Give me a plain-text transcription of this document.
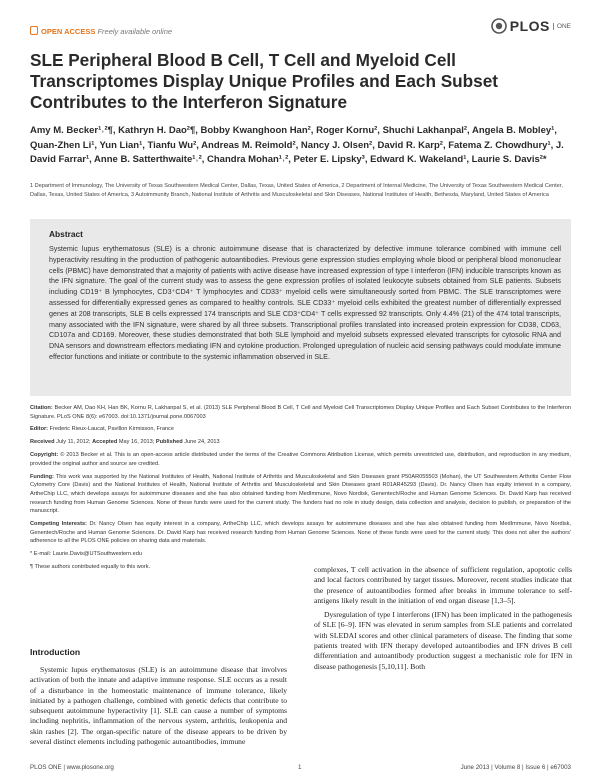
OPEN ACCESS Freely available online	PLOS	ONE
SLE Peripheral Blood B Cell, T Cell and Myeloid Cell Transcriptomes Display Unique Profiles and Each Subset Contributes to the Interferon Signature

Amy M. Becker¹˒²¶, Kathryn H. Dao²¶, Bobby Kwanghoon Han², Roger Kornu², Shuchi Lakhanpal², Angela B. Mobley¹, Quan-Zhen Li¹, Yun Lian¹, Tianfu Wu², Andreas M. Reimold², Nancy J. Olsen², David R. Karp², Fatema Z. Chowdhury¹, J. David Farrar¹, Anne B. Satterthwaite¹˒², Chandra Mohan¹˒², Peter E. Lipsky³, Edward K. Wakeland¹, Laurie S. Davis²*

1 Department of Immunology, The University of Texas Southwestern Medical Center, Dallas, Texas, United States of America, 2 Department of Internal Medicine, The University of Texas Southwestern Medical Center, Dallas, Texas, United States of America, 3 Autoimmunity Branch, National Institute of Arthritis and Musculoskeletal and Skin Diseases, National Institutes of Health, Bethesda, Maryland, United States of America

Abstract

Systemic lupus erythematosus (SLE) is a chronic autoimmune disease that is characterized by defective immune tolerance combined with immune cell hyperactivity resulting in the production of pathogenic autoantibodies. Previous gene expression studies employing whole blood or peripheral blood mononuclear cells (PBMC) have demonstrated that a majority of patients with active disease have increased expression of type I interferon (IFN) inducible transcripts known as the IFN signature. The goal of the current study was to assess the gene expression profiles of isolated leukocyte subsets obtained from SLE patients. Subsets including CD19⁺ B lymphocytes, CD3⁺CD4⁺ T lymphocytes and CD33⁺ myeloid cells were simultaneously sorted from PBMC. The SLE transcriptomes were assessed for differentially expressed genes as compared to healthy controls. SLE CD33⁺ myeloid cells exhibited the greatest number of differentially expressed genes at 208 transcripts, SLE B cells expressed 174 transcripts and SLE CD3⁺CD4⁺ T cells expressed 92 transcripts. Only 4.4% (21) of the 474 total transcripts, many associated with the IFN signature, were shared by all three subsets. Transcriptional profiles translated into increased protein expression for CD38, CD63, CD107a and CD169. Moreover, these studies demonstrated that both SLE lymphoid and myeloid subsets expressed elevated transcripts for cytosolic RNA and DNA sensors and downstream effectors mediating IFN and cytokine production. Prolonged upregulation of nucleic acid sensing pathways could modulate immune effector functions and initiate or contribute to the systemic inflammation observed in SLE.

Citation: Becker AM, Dao KH, Han BK, Kornu R, Lakhanpal S, et al. (2013) SLE Peripheral Blood B Cell, T Cell and Myeloid Cell Transcriptomes Display Unique Profiles and Each Subset Contributes to the Interferon Signature. PLoS ONE 8(6): e67003. doi:10.1371/journal.pone.0067003

Editor: Frederic Rieux-Laucat, Pavillon Kirmisson, France

Received July 11, 2012; Accepted May 16, 2013; Published June 24, 2013

Copyright: © 2013 Becker et al. This is an open-access article distributed under the terms of the Creative Commons Attribution License, which permits unrestricted use, distribution, and reproduction in any medium, provided the original author and source are credited.

Funding: This work was supported by the National Institutes of Health, National Institute of Arthritis and Musculoskeletal and Skin Diseases grant P50AR055503 (Mohan), the UT Southwestern Arthritis Center Flow Cytometry Core (Davis) and the National Institutes of Health, National Institute of Arthritis and Musculoskeletal and Skin Diseases grant R01AR45293 (Davis). Dr. Nancy Olsen has equity interest in a company, ArtheChip LLC, which develops assays for autoimmune diseases and she has also obtained funding from MedImmune, Novo Nordisk, Genentech/Roche and Human Genome Sciences. Dr. David Karp has received research funding from Human Genome Sciences. None of these funds were used for the current study. The funders had no role in study design, data collection and analysis, decision to publish, or preparation of the manuscript.

Competing Interests: Dr. Nancy Olsen has equity interest in a company, ArtheChip LLC, which develops assays for autoimmune diseases and she has also obtained funding from MedImmune, Novo Nordisk, Genentech/Roche and Human Genome Sciences. Dr. David Karp has received research funding from Human Genome Sciences. None of these funds were used for the current study. This does not alter the authors' adherence to all the PLOS ONE policies on sharing data and materials.

* E-mail: Laurie.Davis@UTSouthwestern.edu

¶ These authors contributed equally to this work.

Introduction

Systemic lupus erythematosus (SLE) is an autoimmune disease that involves activation of both the innate and adaptive immune response. SLE occurs as a result of a disturbance in the homeostatic maintenance of immune tolerance, likely initiated by a pathogen challenge, combined with genetic defects that contribute to subsequent autoimmune hyperactivity [1]. SLE can cause a number of symptoms including nephritis, inflammation of the nervous system, arthritis, leukopenia and skin rashes [2]. The organ-specific nature of the disease appears to be driven by several distinct elements including pathogenic autoantibodies, immune

complexes, T cell activation in the absence of sufficient regulation, apoptotic cells and local factors contributed by target tissues. Moreover, recent studies indicate that the presence of autoantibodies formed after breaks in immune tolerance to self-antigens likely result in the initiation of end organ disease [1,3–5].

Dysregulation of type I interferons (IFN) has been implicated in the pathogenesis of SLE [6–9]. IFN was elevated in serum samples from SLE patients and correlated with SLEDAI scores and other clinical parameters of disease. The finding that some patients treated with IFN therapy developed autoantibodies and IFN drives B cell differentiation and autoantibody production suggest a mechanistic role for IFN in disease pathogenesis [5,10,11]. Both

PLOS ONE | www.plosone.org	1	June 2013 | Volume 8 | Issue 6 | e67003
